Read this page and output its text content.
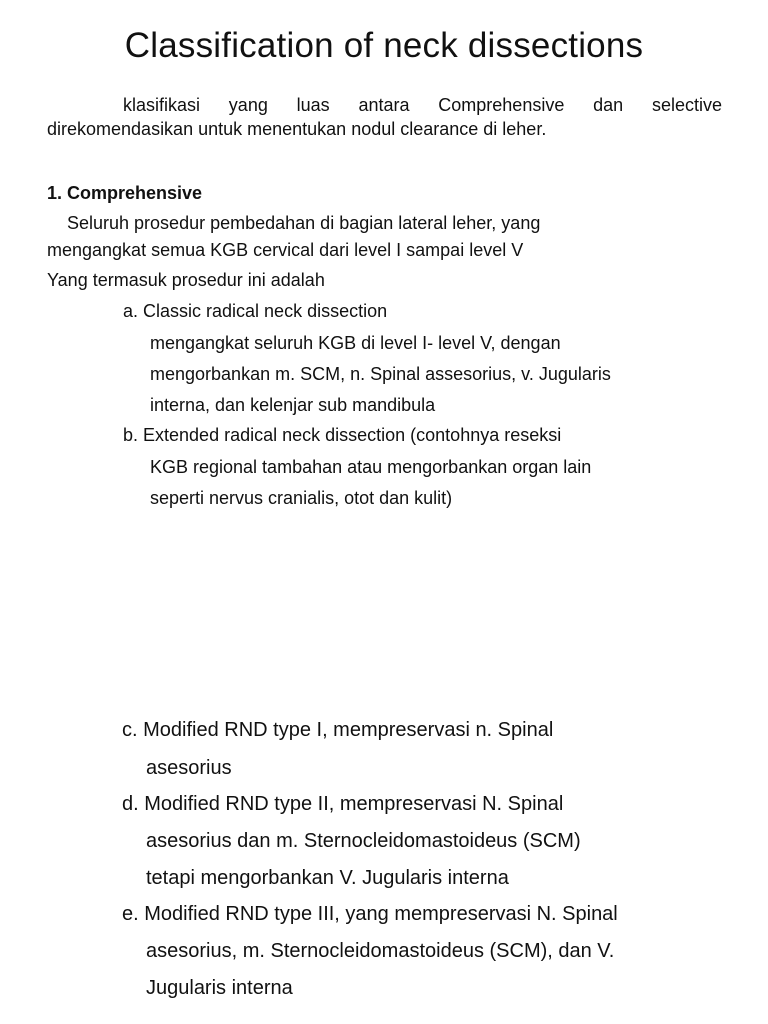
Classification of neck dissections
klasifikasi yang luas antara Comprehensive dan selective
direkomendasikan untuk menentukan nodul clearance di leher.
1. Comprehensive
Seluruh prosedur pembedahan di bagian lateral leher, yang
mengangkat semua KGB cervical dari level I sampai level V
Yang termasuk prosedur ini adalah
a. Classic radical neck dissection
mengangkat seluruh KGB di level I- level V, dengan
mengorbankan m. SCM, n. Spinal assesorius, v. Jugularis
interna, dan kelenjar sub mandibula
b. Extended radical neck dissection (contohnya reseksi
KGB regional tambahan atau mengorbankan organ lain
seperti nervus cranialis, otot dan kulit)
c. Modified RND type I, mempreservasi n. Spinal
asesorius
d. Modified RND type II, mempreservasi N. Spinal
asesorius dan m. Sternocleidomastoideus (SCM)
tetapi mengorbankan V. Jugularis interna
e. Modified RND type III, yang mempreservasi N. Spinal
asesorius, m. Sternocleidomastoideus (SCM), dan V.
Jugularis interna
